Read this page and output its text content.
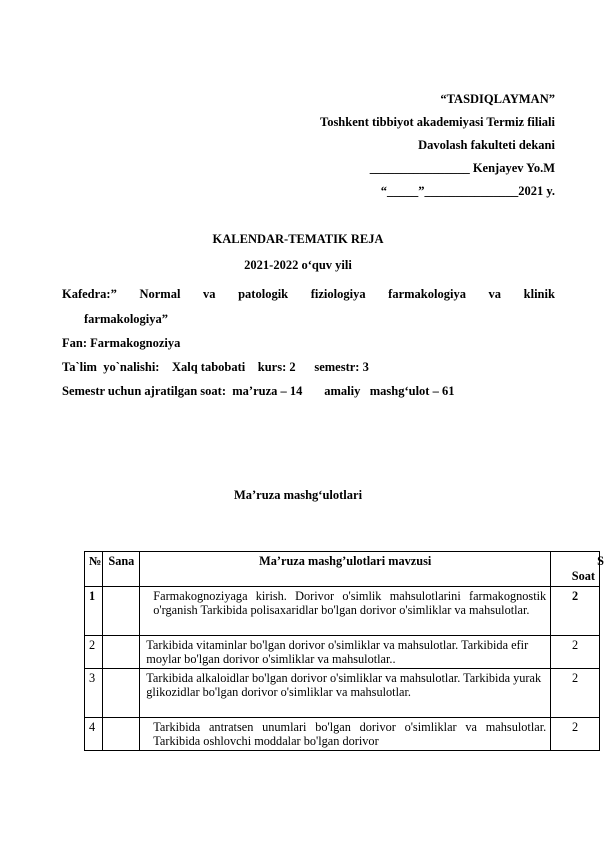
“TASDIQLAYMAN”
Toshkent tibbiyot akademiyasi Termiz filiali
Davolash fakulteti dekani
________________ Kenjayev Yo.M
“_____”_______________2021 y.
KALENDAR-TEMATIK REJA
2021-2022 o‘quv yili
Kafedra:” Normal va patologik fiziologiya farmakologiya va klinik
farmakologiya”
Fan: Farmakognoziya
Ta`lim  yo`nalishi:    Xalq tabobati    kurs: 2      semestr: 3
Semestr uchun ajratilgan soat:  ma’ruza – 14       amaliy   mashg‘ulot – 61
Ma’ruza mashg‘ulotlari
№	Sana	Ma’ruza mashg’ulotlari mavzusi	S
Soat

1		Farmakognoziyaga kirish. Dorivor o'simlik mahsulotlarini farmakognostik o'rganish Tarkibida polisaxaridlar bo'lgan dorivor o'simliklar va mahsulotlar.	2
2		Tarkibida vitaminlar bo'lgan dorivor o'simliklar va mahsulotlar. Tarkibida efir moylar bo'lgan dorivor o'simliklar va mahsulotlar..	2
3		Tarkibida alkaloidlar bo'lgan dorivor o'simliklar va mahsulotlar. Tarkibida yurak glikozidlar bo'lgan dorivor o'simliklar va mahsulotlar.	2
4		Tarkibida antratsen unumlari bo'lgan dorivor o'simliklar va mahsulotlar. Tarkibida oshlovchi moddalar bo'lgan dorivor	2
